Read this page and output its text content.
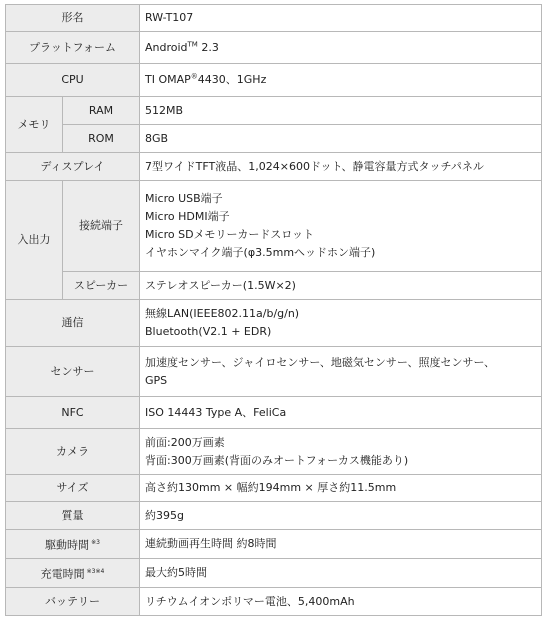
形名		RW-T107
プラットフォーム		Android™ 2.3
CPU		TI OMAP®4430、1GHz
メモリ	RAM	512MB
	ROM	8GB
ディスプレイ		7型ワイドTFT液晶、1,024×600ドット、静電容量方式タッチパネル
入出力	接続端子	Micro USB端子
Micro HDMI端子
Micro SDメモリーカードスロット
イヤホンマイク端子(φ3.5mmヘッドホン端子)

	スピーカー	ステレオスピーカー(1.5W×2)
通信		無線LAN(IEEE802.11a/b/g/n)
Bluetooth(V2.1 + EDR)

センサー		加速度センサー、ジャイロセンサー、地磁気センサー、照度センサー、
GPS

NFC		ISO 14443 Type A、FeliCa
カメラ		前面:200万画素
背面:300万画素(背面のみオートフォーカス機能あり)

サイズ		高さ約130mm × 幅約194mm × 厚さ約11.5mm
質量		約395g
駆動時間 $^{※3}$		連続動画再生時間 約8時間
充電時間 $^{※3※4}$		最大約5時間
バッテリー		リチウムイオンポリマー電池、5,400mAh
